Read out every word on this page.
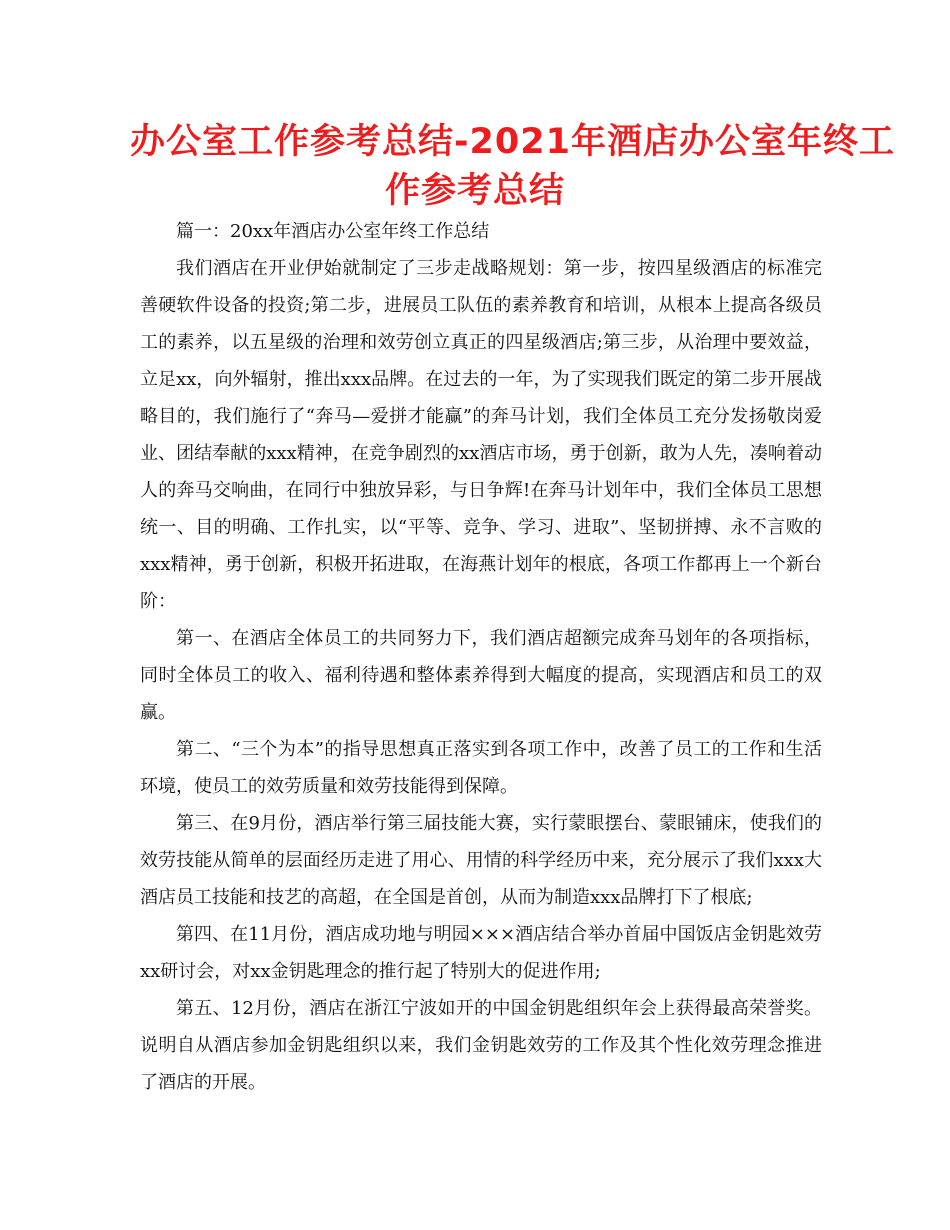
办公室工作参考总结-2021年酒店办公室年终工
作参考总结

篇一：20xx年酒店办公室年终工作总结

我们酒店在开业伊始就制定了三步走战略规划：第一步，按四星级酒店的标准完善硬软件设备的投资;第二步，进展员工队伍的素养教育和培训，从根本上提高各级员工的素养，以五星级的治理和效劳创立真正的四星级酒店;第三步，从治理中要效益，立足xx，向外辐射，推出xxx品牌。在过去的一年，为了实现我们既定的第二步开展战略目的，我们施行了“奔马—爱拼才能赢”的奔马计划，我们全体员工充分发扬敬岗爱业、团结奉献的xxx精神，在竞争剧烈的xx酒店市场，勇于创新，敢为人先，凑响着动人的奔马交响曲，在同行中独放异彩，与日争辉!在奔马计划年中，我们全体员工思想统一、目的明确、工作扎实，以“平等、竞争、学习、进取”、坚韧拼搏、永不言败的xxx精神，勇于创新，积极开拓进取，在海燕计划年的根底，各项工作都再上一个新台阶：

第一、在酒店全体员工的共同努力下，我们酒店超额完成奔马划年的各项指标，同时全体员工的收入、福利待遇和整体素养得到大幅度的提高，实现酒店和员工的双赢。

第二、“三个为本”的指导思想真正落实到各项工作中，改善了员工的工作和生活环境，使员工的效劳质量和效劳技能得到保障。

第三、在9月份，酒店举行第三届技能大赛，实行蒙眼摆台、蒙眼铺床，使我们的效劳技能从简单的层面经历走进了用心、用情的科学经历中来，充分展示了我们xxx大酒店员工技能和技艺的高超，在全国是首创，从而为制造xxx品牌打下了根底;

第四、在11月份，酒店成功地与明园×××酒店结合举办首届中国饭店金钥匙效劳xx研讨会，对xx金钥匙理念的推行起了特别大的促进作用;

第五、12月份，酒店在浙江宁波如开的中国金钥匙组织年会上获得最高荣誉奖。说明自从酒店参加金钥匙组织以来，我们金钥匙效劳的工作及其个性化效劳理念推进了酒店的开展。
